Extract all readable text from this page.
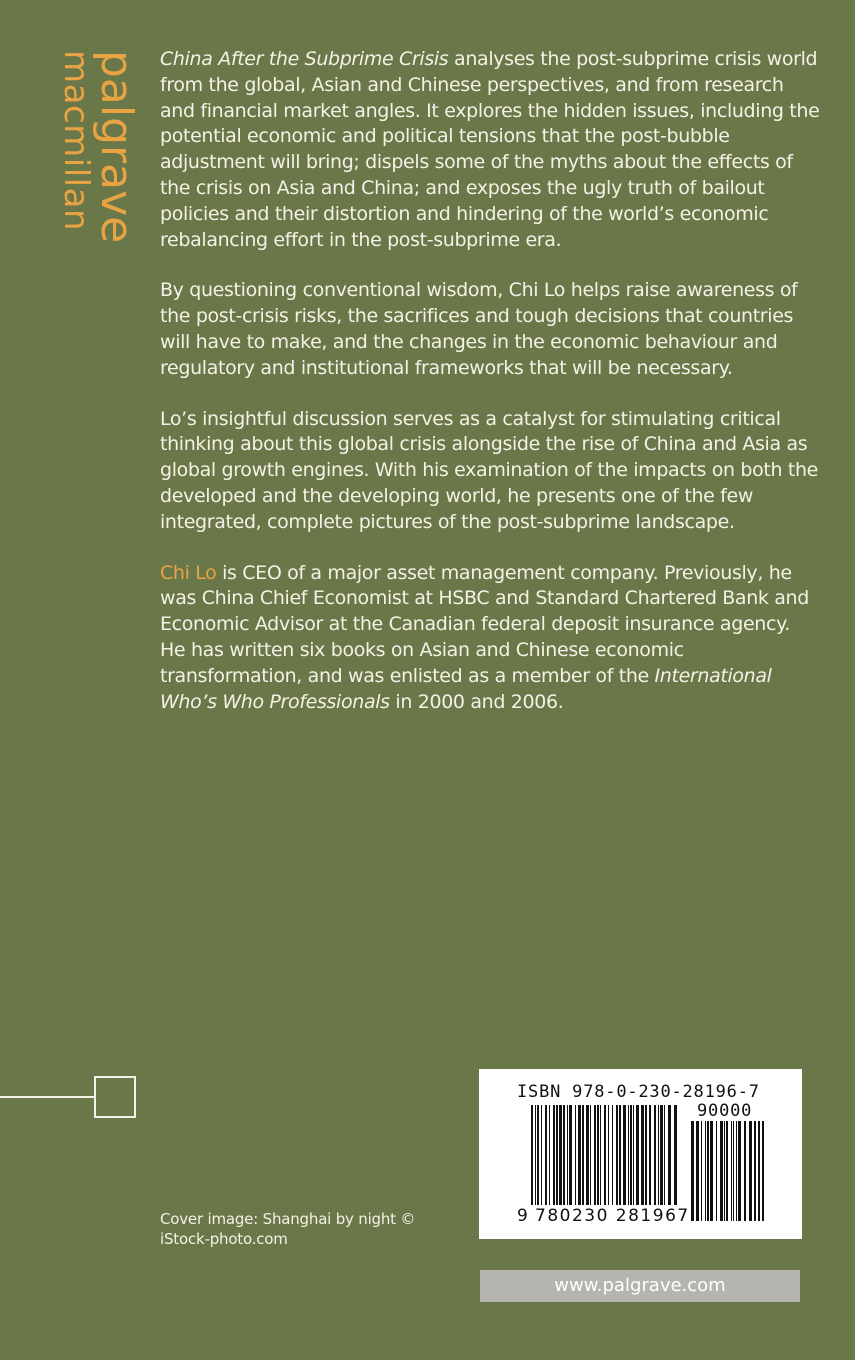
palgrave
macmillan	China After the Subprime Crisis analyses the post-subprime crisis world from the global, Asian and Chinese perspectives, and from research and financial market angles. It explores the hidden issues, including the potential economic and political tensions that the post-bubble adjustment will bring; dispels some of the myths about the effects of the crisis on Asia and China; and exposes the ugly truth of bailout policies and their distortion and hindering of the world’s economic rebalancing effort in the post-subprime era.

By questioning conventional wisdom, Chi Lo helps raise awareness of the post-crisis risks, the sacrifices and tough decisions that countries will have to make, and the changes in the economic behaviour and regulatory and institutional frameworks that will be necessary.

Lo’s insightful discussion serves as a catalyst for stimulating critical thinking about this global crisis alongside the rise of China and Asia as global growth engines. With his examination of the impacts on both the developed and the developing world, he presents one of the few integrated, complete pictures of the post-subprime landscape.

Chi Lo is CEO of a major asset management company. Previously, he was China Chief Economist at HSBC and Standard Chartered Bank and Economic Advisor at the Canadian federal deposit insurance agency. He has written six books on Asian and Chinese economic transformation, and was enlisted as a member of the International Who’s Who Professionals in 2000 and 2006.

Cover image: Shanghai by night © iStock-photo.com
ISBN 978-0-230-28196-7
90000
9 780230 281967
www.palgrave.com
